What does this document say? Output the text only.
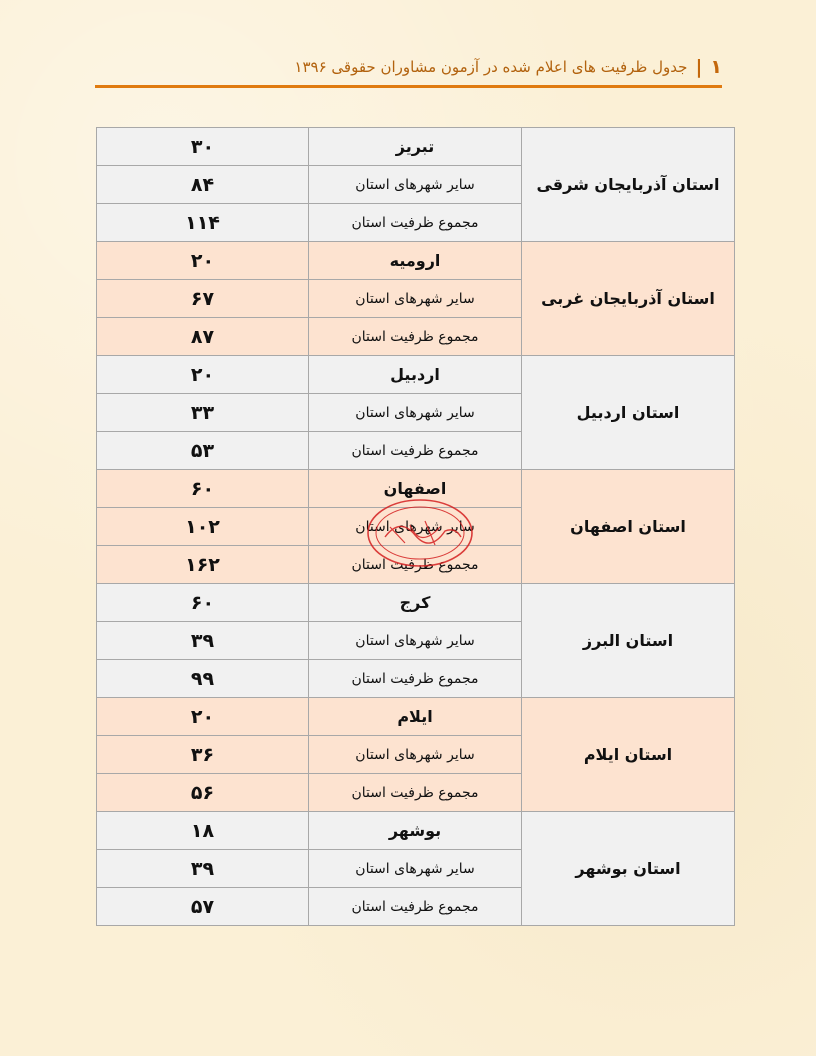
۱
|
جدول ظرفیت های اعلام شده در آزمون مشاوران حقوقی ۱۳۹۶
استان آذربایجان شرقی	تبریز	۳۰
	سایر شهرهای استان	۸۴
	مجموع ظرفیت استان	۱۱۴
استان آذربایجان غربی	ارومیه	۲۰
	سایر شهرهای استان	۶۷
	مجموع ظرفیت استان	۸۷
استان اردبیل	اردبیل	۲۰
	سایر شهرهای استان	۳۳
	مجموع ظرفیت استان	۵۳
استان اصفهان	اصفهان	۶۰
	سایر شهرهای استان	۱۰۲
	مجموع ظرفیت استان	۱۶۲
استان البرز	کرج	۶۰
	سایر شهرهای استان	۳۹
	مجموع ظرفیت استان	۹۹
استان ایلام	ایلام	۲۰
	سایر شهرهای استان	۳۶
	مجموع ظرفیت استان	۵۶
استان بوشهر	بوشهر	۱۸
	سایر شهرهای استان	۳۹
	مجموع ظرفیت استان	۵۷
